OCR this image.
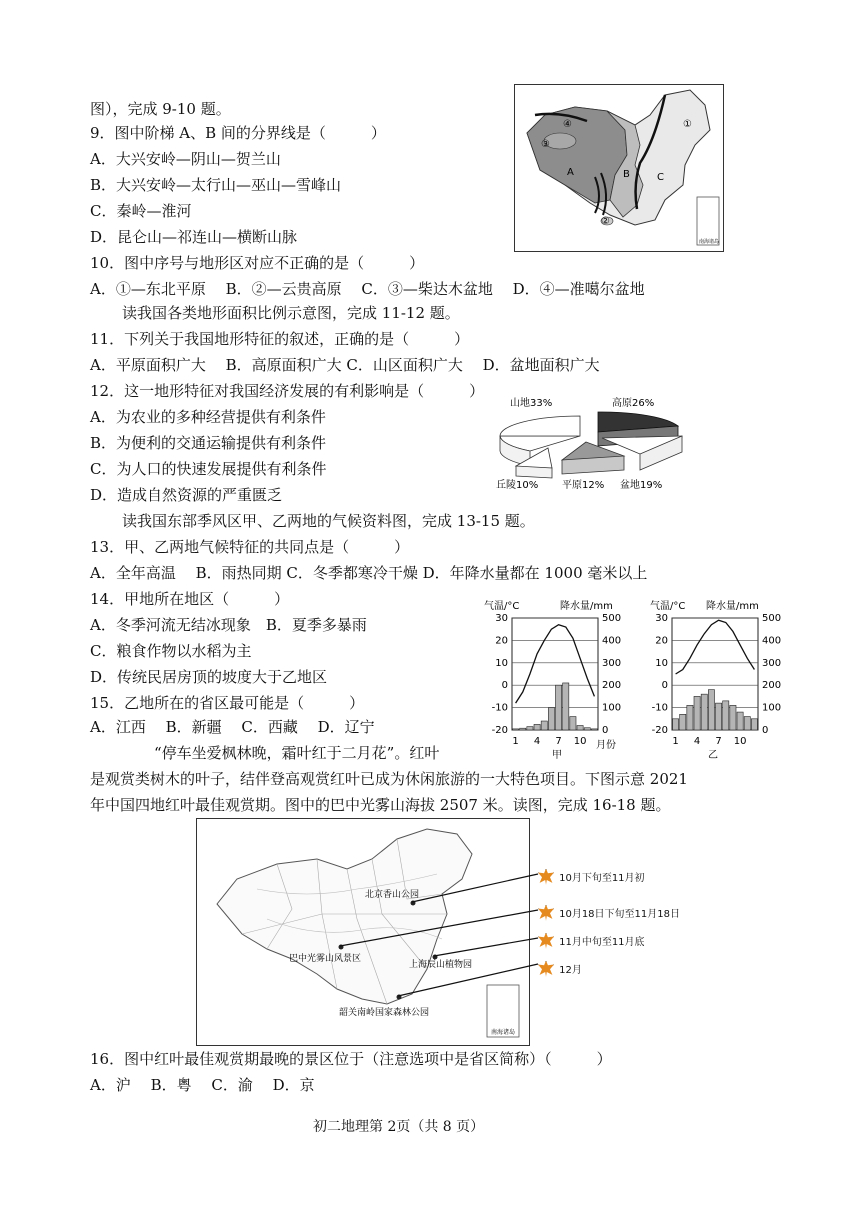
图），完成 9-10 题。
9．图中阶梯 A、B 间的分界线是（　　　）
A．大兴安岭—阴山—贺兰山
B．大兴安岭—太行山—巫山—雪峰山
C．秦岭—淮河
D．昆仑山—祁连山—横断山脉
10．图中序号与地形区对应不正确的是（　　　）
A．①—东北平原　 B．②—云贵高原　 C．③—柴达木盆地　 D．④—准噶尔盆地
读我国各类地形面积比例示意图，完成 11-12 题。
11．下列关于我国地形特征的叙述，正确的是（　　　）
A．平原面积广大　 B．高原面积广大 C．山区面积广大　 D．盆地面积广大
12．这一地形特征对我国经济发展的有利影响是（　　　）
A．为农业的多种经营提供有利条件
B．为便利的交通运输提供有利条件
C．为人口的快速发展提供有利条件
D．造成自然资源的严重匮乏
读我国东部季风区甲、乙两地的气候资料图，完成 13-15 题。
13．甲、乙两地气候特征的共同点是（　　　）
A．全年高温　 B．雨热同期 C．冬季都寒冷干燥 D．年降水量都在 1000 毫米以上
14．甲地所在地区（　　　）
A．冬季河流无结冰现象　B．夏季多暴雨
C．粮食作物以水稻为主
D．传统民居房顶的坡度大于乙地区
15．乙地所在的省区最可能是（　　　）
A．江西　 B．新疆　 C．西藏　 D．辽宁
“停车坐爱枫林晚，霜叶红于二月花”。红叶
是观赏类树木的叶子，结伴登高观赏红叶已成为休闲旅游的一大特色项目。下图示意 2021
年中国四地红叶最佳观赏期。图中的巴中光雾山海拔 2507 米。读图，完成 16-18 题。
16．图中红叶最佳观赏期最晚的景区位于（注意选项中是省区简称）（　　　）
A．沪　 B．粤　 C．渝　 D．京
初二地理第 2页（共 8 页）
①
②
③
④
A	B	C
南海诸岛
山地33%	高原26%
丘陵10% 平原12% 盆地19%
气温/°C	降水量/mm
月份
甲
30
20
10
0
-10
-20
500
400
300
200
100
0
1 4 7 10
气温/°C 降水量/mm
乙
30
20
10
0
-10
-20
500
400
300
200
100
0
1 4 7 10
北京香山公园
巴中光雾山风景区
上海辰山植物园
韶关南岭国家森林公园
南海诸岛
10月下旬至11月初
10月18日下旬至11月18日
11月中旬至11月底
12月
